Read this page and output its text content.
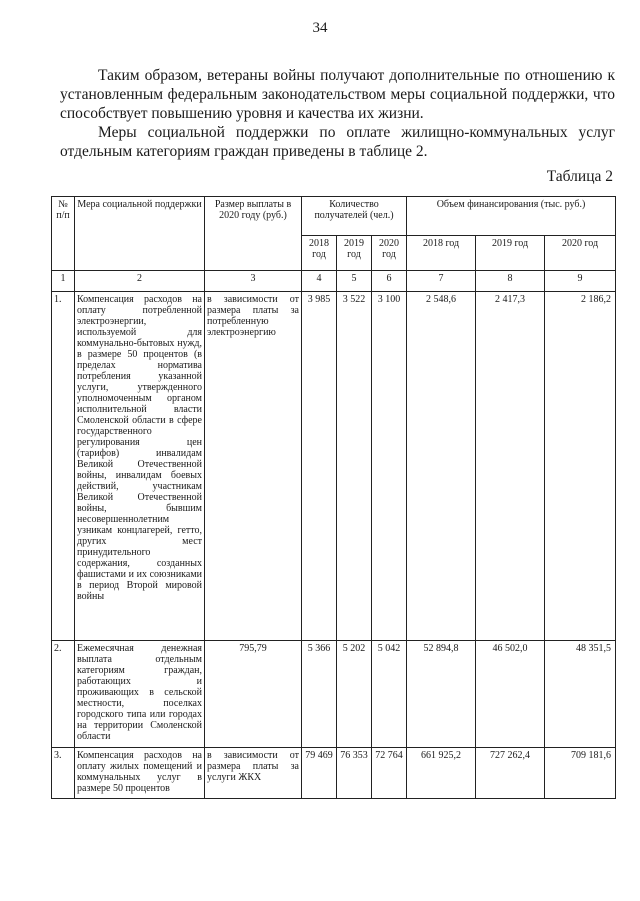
34

Таким образом, ветераны войны получают дополнительные по отношению к установленным федеральным законодательством меры социальной поддержки, что способствует повышению уровня и качества их жизни.

Меры социальной поддержки по оплате жилищно-коммунальных услуг отдельным категориям граждан приведены в таблице 2.

Таблица 2
№ п/п	Мера социальной поддержки	Размер выплаты в 2020 году (руб.)	Количество получателей (чел.)			Объем финансирования (тыс. руб.)		
			2018 год	2019 год	2020 год	2018 год	2019 год	2020 год
1	2	3	4	5	6	7	8	9
1.	Компенсация расходов на оплату потребленной электроэнергии, используемой для коммунально-бытовых нужд, в размере 50 процентов (в пределах норматива потребления указанной услуги, утвержденного уполномоченным органом исполнительной власти Смоленской области в сфере государственного регулирования цен (тарифов) инвалидам Великой Отечественной войны, инвалидам боевых действий, участникам Великой Отечественной войны, бывшим несовершеннолетним узникам концлагерей, гетто, других мест принудительного содержания, созданных фашистами и их союзниками в период Второй мировой войны	в зависимости от размера платы за потребленную электроэнергию	3 985	3 522	3 100	2 548,6	2 417,3	2 186,2
2.	Ежемесячная денежная выплата отдельным категориям граждан, работающих и проживающих в сельской местности, поселках городского типа или городах на территории Смоленской области	795,79	5 366	5 202	5 042	52 894,8	46 502,0	48 351,5
3.	Компенсация расходов на оплату жилых помещений и коммунальных услуг в размере 50 процентов	в зависимости от размера платы за услуги ЖКХ	79 469	76 353	72 764	661 925,2	727 262,4	709 181,6
